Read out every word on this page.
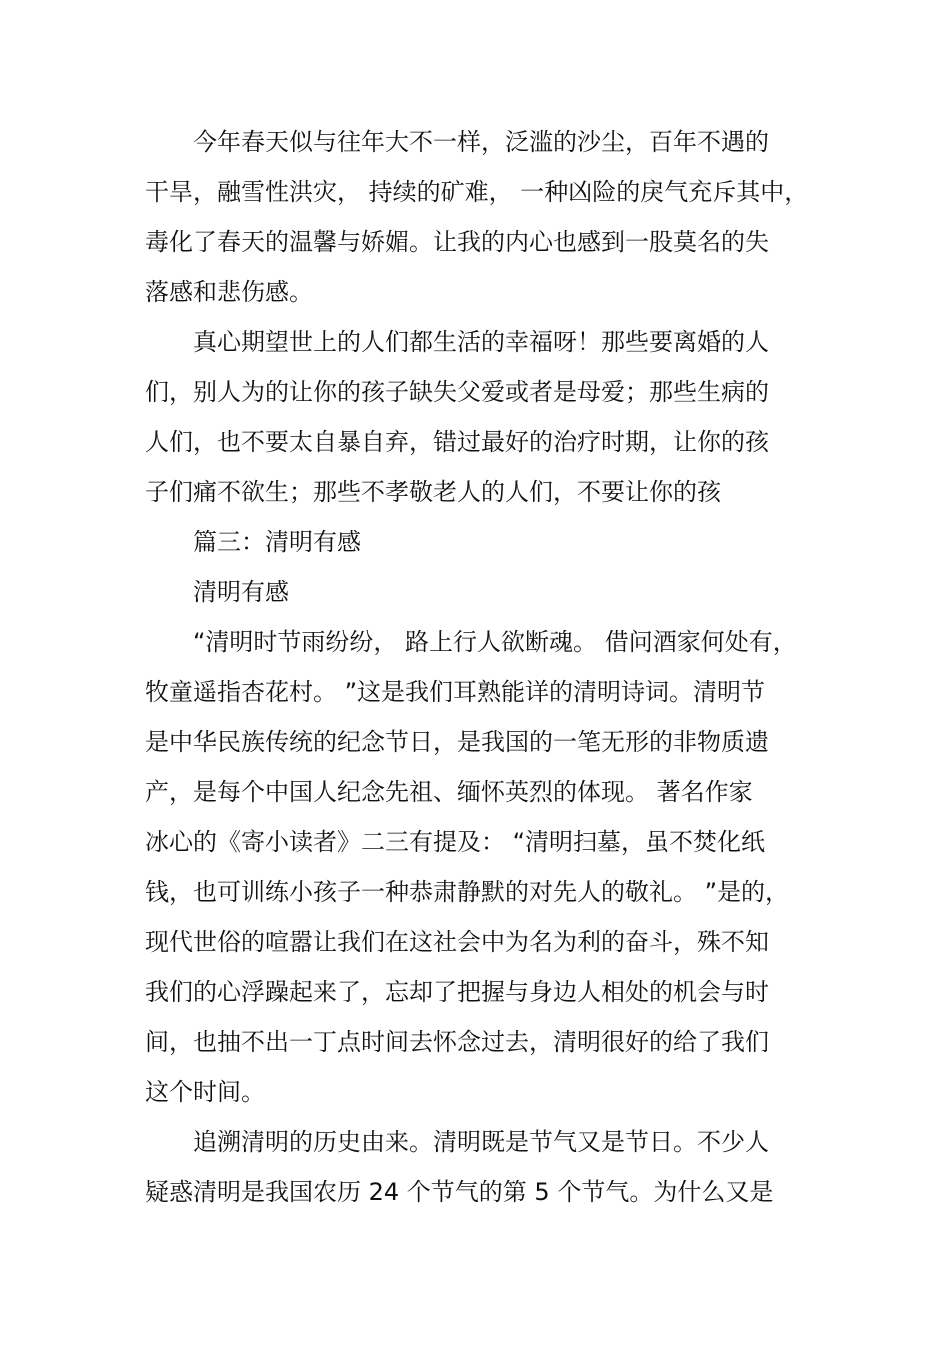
今年春天似与往年大不一样，泛滥的沙尘，百年不遇的
干旱，融雪性洪灾， 持续的矿难， 一种凶险的戾气充斥其中，
毒化了春天的温馨与娇媚。让我的内心也感到一股莫名的失
落感和悲伤感。
真心期望世上的人们都生活的幸福呀！那些要离婚的人
们，别人为的让你的孩子缺失父爱或者是母爱；那些生病的
人们，也不要太自暴自弃，错过最好的治疗时期，让你的孩
子们痛不欲生；那些不孝敬老人的人们，不要让你的孩
篇三：清明有感
清明有感
“清明时节雨纷纷， 路上行人欲断魂。 借问酒家何处有，
牧童遥指杏花村。 ”这是我们耳熟能详的清明诗词。清明节
是中华民族传统的纪念节日，是我国的一笔无形的非物质遗
产，是每个中国人纪念先祖、缅怀英烈的体现。 著名作家
冰心的《寄小读者》二三有提及： “清明扫墓，虽不焚化纸
钱，也可训练小孩子一种恭肃静默的对先人的敬礼。 ”是的，
现代世俗的喧嚣让我们在这社会中为名为利的奋斗，殊不知
我们的心浮躁起来了，忘却了把握与身边人相处的机会与时
间，也抽不出一丁点时间去怀念过去，清明很好的给了我们
这个时间。
追溯清明的历史由来。清明既是节气又是节日。不少人
疑惑清明是我国农历 24 个节气的第 5 个节气。为什么又是
